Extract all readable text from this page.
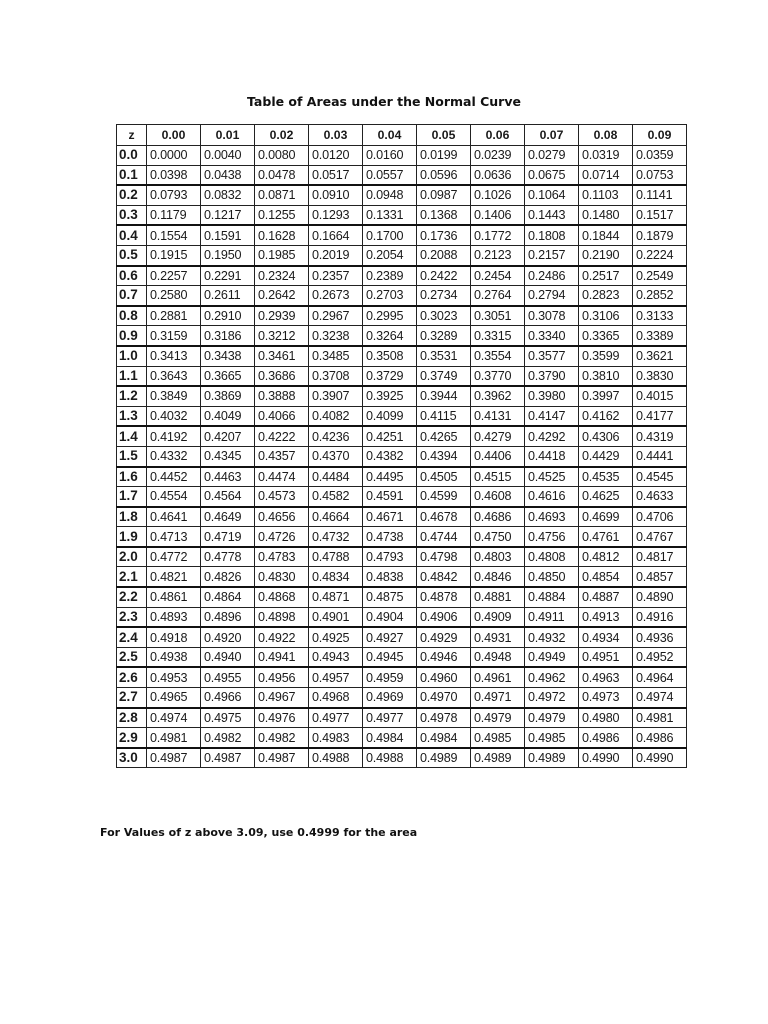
Table of Areas under the Normal Curve
z	0.00	0.01	0.02	0.03	0.04	0.05	0.06	0.07	0.08	0.09
0.0	0.0000	0.0040	0.0080	0.0120	0.0160	0.0199	0.0239	0.0279	0.0319	0.0359
0.1	0.0398	0.0438	0.0478	0.0517	0.0557	0.0596	0.0636	0.0675	0.0714	0.0753
0.2	0.0793	0.0832	0.0871	0.0910	0.0948	0.0987	0.1026	0.1064	0.1103	0.1141
0.3	0.1179	0.1217	0.1255	0.1293	0.1331	0.1368	0.1406	0.1443	0.1480	0.1517
0.4	0.1554	0.1591	0.1628	0.1664	0.1700	0.1736	0.1772	0.1808	0.1844	0.1879
0.5	0.1915	0.1950	0.1985	0.2019	0.2054	0.2088	0.2123	0.2157	0.2190	0.2224
0.6	0.2257	0.2291	0.2324	0.2357	0.2389	0.2422	0.2454	0.2486	0.2517	0.2549
0.7	0.2580	0.2611	0.2642	0.2673	0.2703	0.2734	0.2764	0.2794	0.2823	0.2852
0.8	0.2881	0.2910	0.2939	0.2967	0.2995	0.3023	0.3051	0.3078	0.3106	0.3133
0.9	0.3159	0.3186	0.3212	0.3238	0.3264	0.3289	0.3315	0.3340	0.3365	0.3389
1.0	0.3413	0.3438	0.3461	0.3485	0.3508	0.3531	0.3554	0.3577	0.3599	0.3621
1.1	0.3643	0.3665	0.3686	0.3708	0.3729	0.3749	0.3770	0.3790	0.3810	0.3830
1.2	0.3849	0.3869	0.3888	0.3907	0.3925	0.3944	0.3962	0.3980	0.3997	0.4015
1.3	0.4032	0.4049	0.4066	0.4082	0.4099	0.4115	0.4131	0.4147	0.4162	0.4177
1.4	0.4192	0.4207	0.4222	0.4236	0.4251	0.4265	0.4279	0.4292	0.4306	0.4319
1.5	0.4332	0.4345	0.4357	0.4370	0.4382	0.4394	0.4406	0.4418	0.4429	0.4441
1.6	0.4452	0.4463	0.4474	0.4484	0.4495	0.4505	0.4515	0.4525	0.4535	0.4545
1.7	0.4554	0.4564	0.4573	0.4582	0.4591	0.4599	0.4608	0.4616	0.4625	0.4633
1.8	0.4641	0.4649	0.4656	0.4664	0.4671	0.4678	0.4686	0.4693	0.4699	0.4706
1.9	0.4713	0.4719	0.4726	0.4732	0.4738	0.4744	0.4750	0.4756	0.4761	0.4767
2.0	0.4772	0.4778	0.4783	0.4788	0.4793	0.4798	0.4803	0.4808	0.4812	0.4817
2.1	0.4821	0.4826	0.4830	0.4834	0.4838	0.4842	0.4846	0.4850	0.4854	0.4857
2.2	0.4861	0.4864	0.4868	0.4871	0.4875	0.4878	0.4881	0.4884	0.4887	0.4890
2.3	0.4893	0.4896	0.4898	0.4901	0.4904	0.4906	0.4909	0.4911	0.4913	0.4916
2.4	0.4918	0.4920	0.4922	0.4925	0.4927	0.4929	0.4931	0.4932	0.4934	0.4936
2.5	0.4938	0.4940	0.4941	0.4943	0.4945	0.4946	0.4948	0.4949	0.4951	0.4952
2.6	0.4953	0.4955	0.4956	0.4957	0.4959	0.4960	0.4961	0.4962	0.4963	0.4964
2.7	0.4965	0.4966	0.4967	0.4968	0.4969	0.4970	0.4971	0.4972	0.4973	0.4974
2.8	0.4974	0.4975	0.4976	0.4977	0.4977	0.4978	0.4979	0.4979	0.4980	0.4981
2.9	0.4981	0.4982	0.4982	0.4983	0.4984	0.4984	0.4985	0.4985	0.4986	0.4986
3.0	0.4987	0.4987	0.4987	0.4988	0.4988	0.4989	0.4989	0.4989	0.4990	0.4990
For Values of z above 3.09, use 0.4999 for the area
